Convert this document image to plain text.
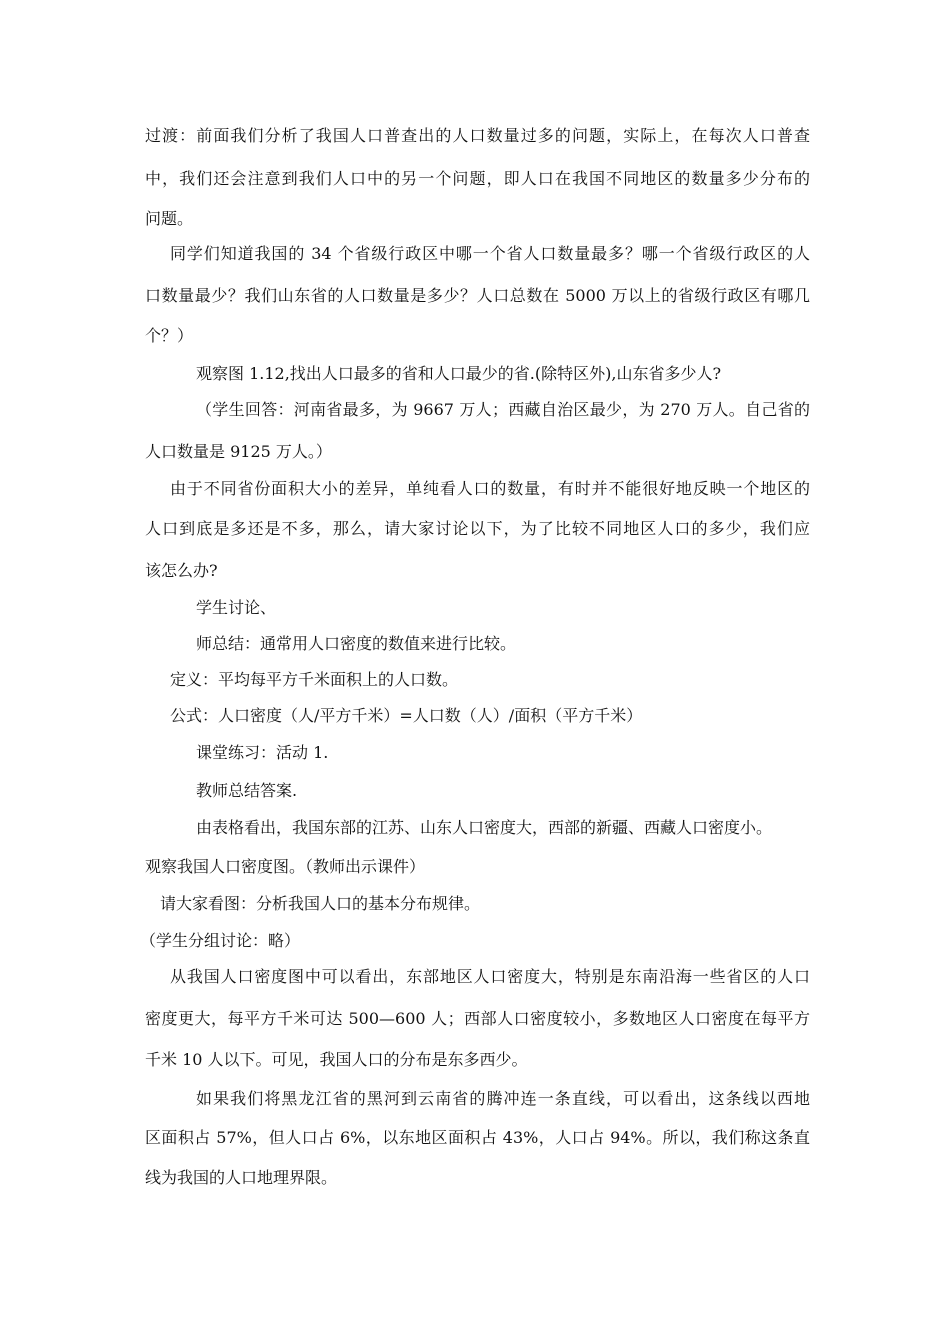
过渡：前面我们分析了我国人口普查出的人口数量过多的问题，实际上，在每次人口普查
中，我们还会注意到我们人口中的另一个问题，即人口在我国不同地区的数量多少分布的
问题。
同学们知道我国的 34 个省级行政区中哪一个省人口数量最多？哪一个省级行政区的人
口数量最少？我们山东省的人口数量是多少？人口总数在 5000 万以上的省级行政区有哪几
个？）
观察图 1.12,找出人口最多的省和人口最少的省.(除特区外),山东省多少人?
（学生回答：河南省最多，为 9667 万人；西藏自治区最少，为 270 万人。自己省的
人口数量是 9125 万人。）
由于不同省份面积大小的差异，单纯看人口的数量，有时并不能很好地反映一个地区的
人口到底是多还是不多，那么，请大家讨论以下，为了比较不同地区人口的多少，我们应
该怎么办?
学生讨论、
师总结：通常用人口密度的数值来进行比较。
定义：平均每平方千米面积上的人口数。
公式：人口密度（人/平方千米）=人口数（人）/面积（平方千米）
课堂练习：活动 1.
教师总结答案.
由表格看出，我国东部的江苏、山东人口密度大，西部的新疆、西藏人口密度小。
观察我国人口密度图。（教师出示课件）
请大家看图：分析我国人口的基本分布规律。
（学生分组讨论：略）
从我国人口密度图中可以看出，东部地区人口密度大，特别是东南沿海一些省区的人口
密度更大，每平方千米可达 500—600 人；西部人口密度较小，多数地区人口密度在每平方
千米 10 人以下。可见，我国人口的分布是东多西少。
如果我们将黑龙江省的黑河到云南省的腾冲连一条直线，可以看出，这条线以西地
区面积占 57%，但人口占 6%，以东地区面积占 43%，人口占 94%。所以，我们称这条直
线为我国的人口地理界限。
